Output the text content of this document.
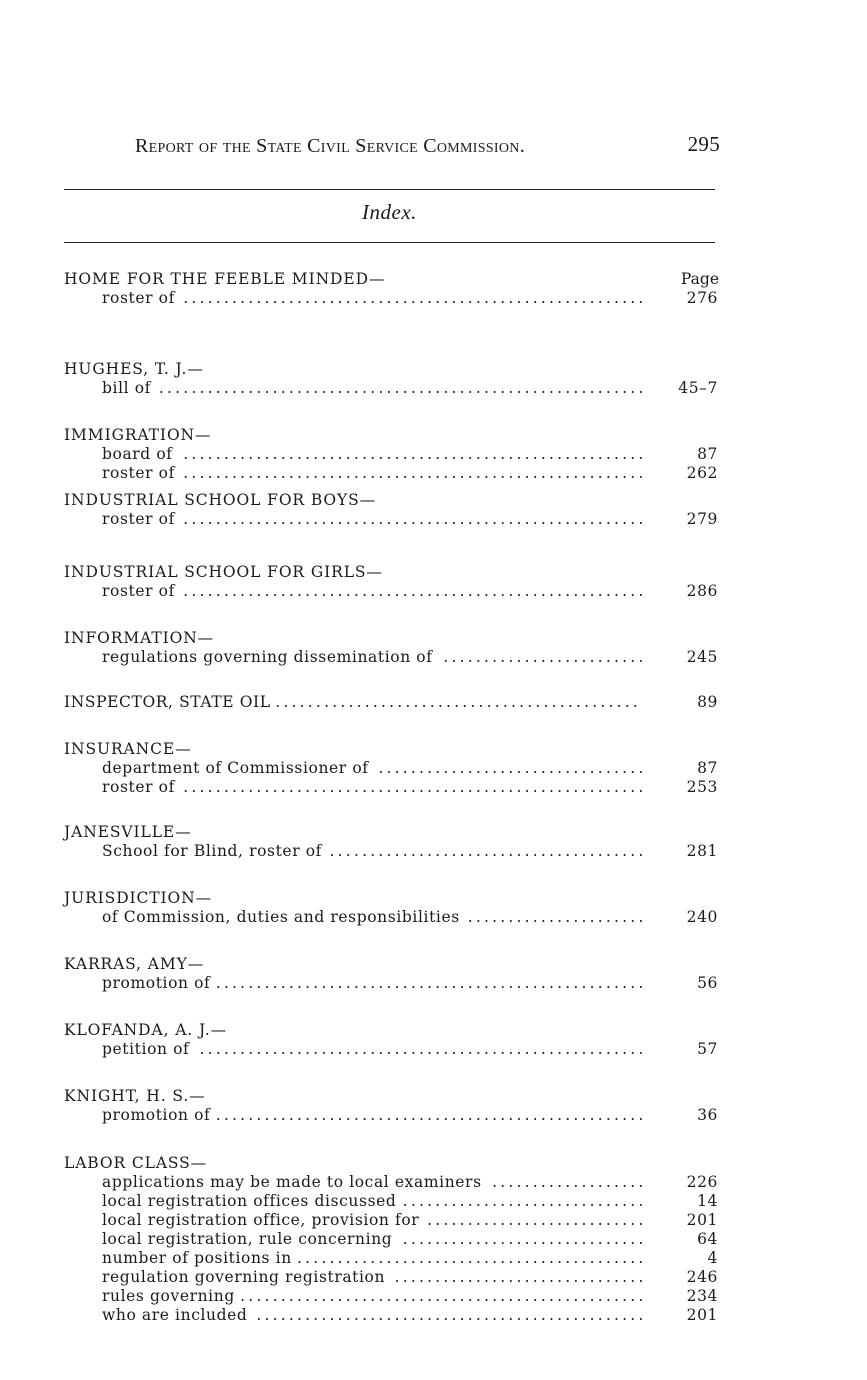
Report of the State Civil Service Commission.	295
Index.
HOME FOR THE FEEBLE MINDED—	Page
.....
roster of	276
HUGHES, T. J.—
.....
bill of	45–7
IMMIGRATION—
.....
board of	87
.....
roster of	262
INDUSTRIAL SCHOOL FOR BOYS—
.....
roster of	279
INDUSTRIAL SCHOOL FOR GIRLS—
.....
roster of	286
INFORMATION—
.....
regulations governing dissemination of	245
.....
INSPECTOR, STATE OIL	89
INSURANCE—
.....
department of Commissioner of	87
.....
roster of	253
JANESVILLE—
.....
School for Blind, roster of	281
JURISDICTION—
.....
of Commission, duties and responsibilities	240
KARRAS, AMY—
.....
promotion of	56
KLOFANDA, A. J.—
.....
petition of	57
KNIGHT, H. S.—
.....
promotion of	36
LABOR CLASS—
.....
applications may be made to local examiners	226
.....
local registration offices discussed	14
.....
local registration office, provision for	201
.....
local registration, rule concerning	64
.....
number of positions in	4
.....
regulation governing registration	246
.....
rules governing	234
.....
who are included	201
